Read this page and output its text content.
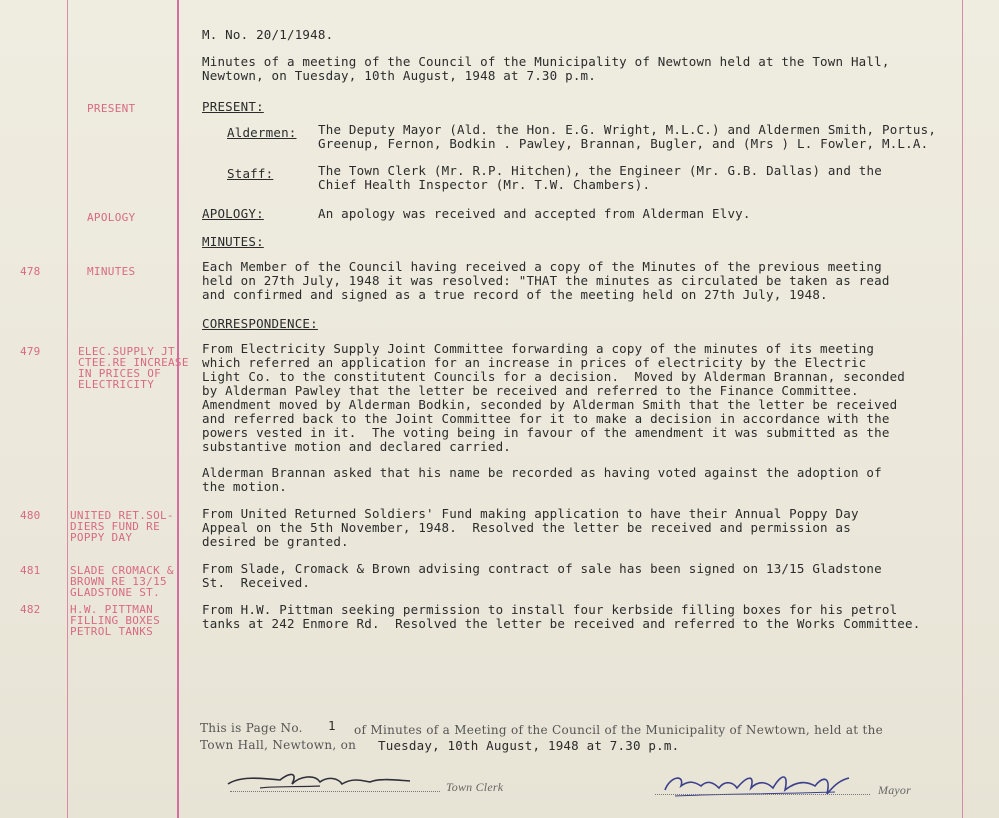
M. No. 20/1/1948.
Minutes of a meeting of the Council of the Municipality of Newtown held at the Town Hall,
Newtown, on Tuesday, 10th August, 1948 at 7.30 p.m.
PRESENT	PRESENT:
Aldermen: The Deputy Mayor (Ald. the Hon. E.G. Wright, M.L.C.) and Aldermen Smith, Portus,
Greenup, Fernon, Bodkin . Pawley, Brannan, Bugler, and (Mrs ) L. Fowler, M.L.A.
Staff:	The Town Clerk (Mr. R.P. Hitchen), the Engineer (Mr. G.B. Dallas) and the
Chief Health Inspector (Mr. T.W. Chambers).
APOLOGY	APOLOGY:	An apology was received and accepted from Alderman Elvy.
MINUTES:
478	MINUTES	Each Member of the Council having received a copy of the Minutes of the previous meeting
held on 27th July, 1948 it was resolved: "THAT the minutes as circulated be taken as read
and confirmed and signed as a true record of the meeting held on 27th July, 1948.
CORRESPONDENCE:
479	ELEC.SUPPLY JT.
CTEE.RE INCREASE
IN PRICES OF
ELECTRICITY
From Electricity Supply Joint Committee forwarding a copy of the minutes of its meeting
which referred an application for an increase in prices of electricity by the Electric
Light Co. to the constitutent Councils for a decision.  Moved by Alderman Brannan, seconded
by Alderman Pawley that the letter be received and referred to the Finance Committee.
Amendment moved by Alderman Bodkin, seconded by Alderman Smith that the letter be received
and referred back to the Joint Committee for it to make a decision in accordance with the
powers vested in it.  The voting being in favour of the amendment it was submitted as the
substantive motion and declared carried.
Alderman Brannan asked that his name be recorded as having voted against the adoption of
the motion.
480	UNITED RET.SOL-
DIERS FUND RE
POPPY DAY
From United Returned Soldiers' Fund making application to have their Annual Poppy Day
Appeal on the 5th November, 1948.  Resolved the letter be received and permission as
desired be granted.
481	SLADE CROMACK &
BROWN RE 13/15
GLADSTONE ST.
From Slade, Cromack & Brown advising contract of sale has been signed on 13/15 Gladstone
St.  Received.
482	H.W. PITTMAN
FILLING BOXES
PETROL TANKS
From H.W. Pittman seeking permission to install four kerbside filling boxes for his petrol
tanks at 242 Enmore Rd.  Resolved the letter be received and referred to the Works Committee.
This is Page No. 1 of Minutes of a Meeting of the Council of the Municipality of Newtown, held at the
Town Hall, Newtown, on Tuesday, 10th August, 1948 at 7.30 p.m.
Town Clerk	Mayor
